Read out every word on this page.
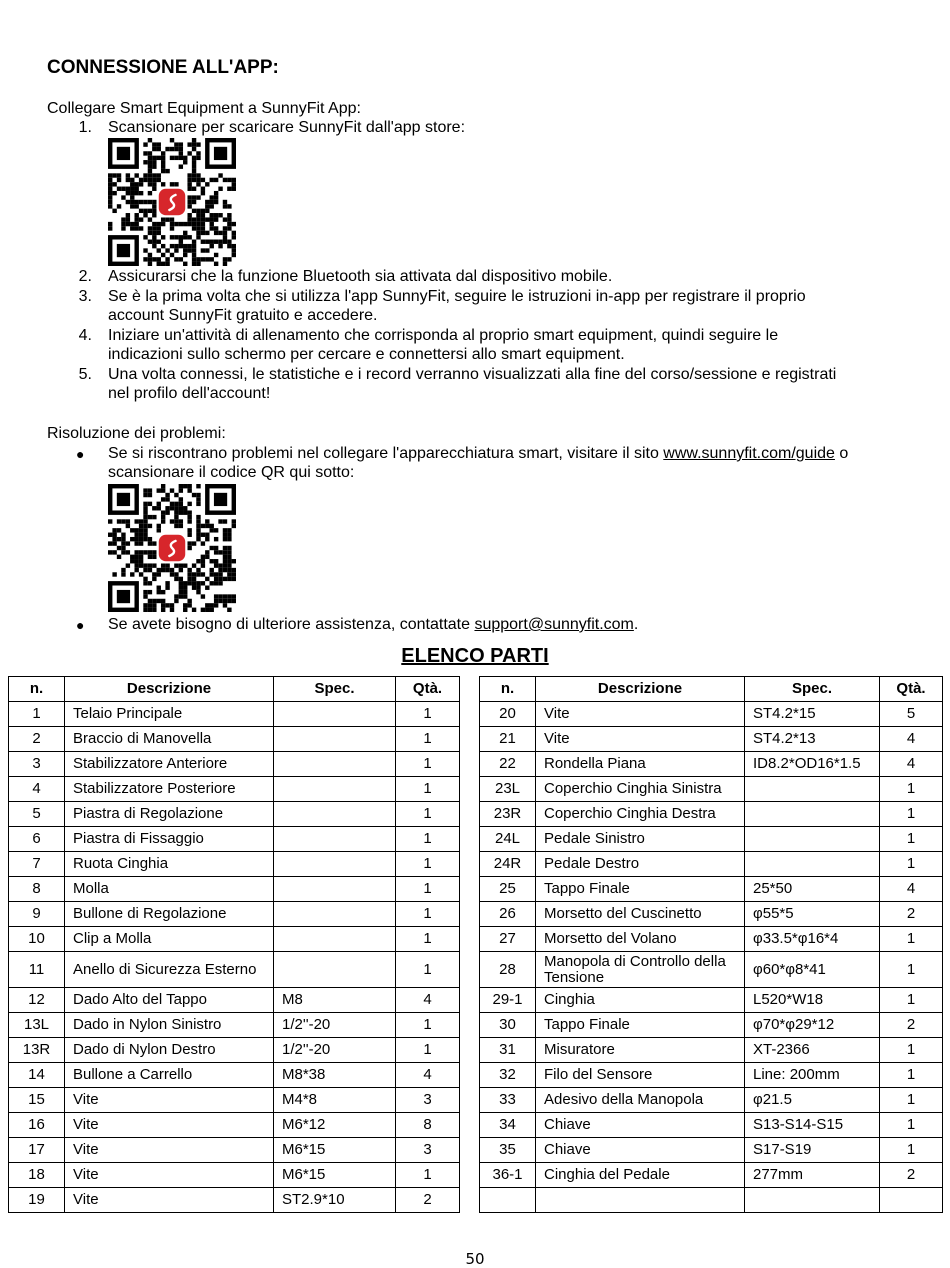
CONNESSIONE ALL'APP:
Collegare Smart Equipment a SunnyFit App:
1. Scansionare per scaricare SunnyFit dall'app store:
2. Assicurarsi che la funzione Bluetooth sia attivata dal dispositivo mobile.
3. Se è la prima volta che si utilizza l'app SunnyFit, seguire le istruzioni in-app per registrare il proprio
account SunnyFit gratuito e accedere.
4. Iniziare un'attività di allenamento che corrisponda al proprio smart equipment, quindi seguire le
indicazioni sullo schermo per cercare e connettersi allo smart equipment.
5. Una volta connessi, le statistiche e i record verranno visualizzati alla fine del corso/sessione e registrati
nel profilo dell'account!
Risoluzione dei problemi:
● Se si riscontrano problemi nel collegare l'apparecchiatura smart, visitare il sito www.sunnyfit.com/guide o
scansionare il codice QR qui sotto:
● Se avete bisogno di ulteriore assistenza, contattate support@sunnyfit.com.
ELENCO PARTI
n.	Descrizione	Spec.	Qtà.
1	Telaio Principale		1
2	Braccio di Manovella		1
3	Stabilizzatore Anteriore		1
4	Stabilizzatore Posteriore		1
5	Piastra di Regolazione		1
6	Piastra di Fissaggio		1
7	Ruota Cinghia		1
8	Molla		1
9	Bullone di Regolazione		1
10	Clip a Molla		1
11	Anello di Sicurezza Esterno		1
12	Dado Alto del Tappo	M8	4
13L	Dado in Nylon Sinistro	1/2''-20	1
13R	Dado di Nylon Destro	1/2''-20	1
14	Bullone a Carrello	M8*38	4
15	Vite	M4*8	3
16	Vite	M6*12	8
17	Vite	M6*15	3
18	Vite	M6*15	1
19	Vite	ST2.9*10	2
n.	Descrizione	Spec.	Qtà.
20	Vite	ST4.2*15	5
21	Vite	ST4.2*13	4
22	Rondella Piana	ID8.2*OD16*1.5	4
23L	Coperchio Cinghia Sinistra		1
23R	Coperchio Cinghia Destra		1
24L	Pedale Sinistro		1
24R	Pedale Destro		1
25	Tappo Finale	25*50	4
26	Morsetto del Cuscinetto	φ55*5	2
27	Morsetto del Volano	φ33.5*φ16*4	1
28	Manopola di Controllo della Tensione	φ60*φ8*41	1
29-1	Cinghia	L520*W18	1
30	Tappo Finale	φ70*φ29*12	2
31	Misuratore	XT-2366	1
32	Filo del Sensore	Line: 200mm	1
33	Adesivo della Manopola	φ21.5	1
34	Chiave	S13-S14-S15	1
35	Chiave	S17-S19	1
36-1	Cinghia del Pedale	277mm	2

50
